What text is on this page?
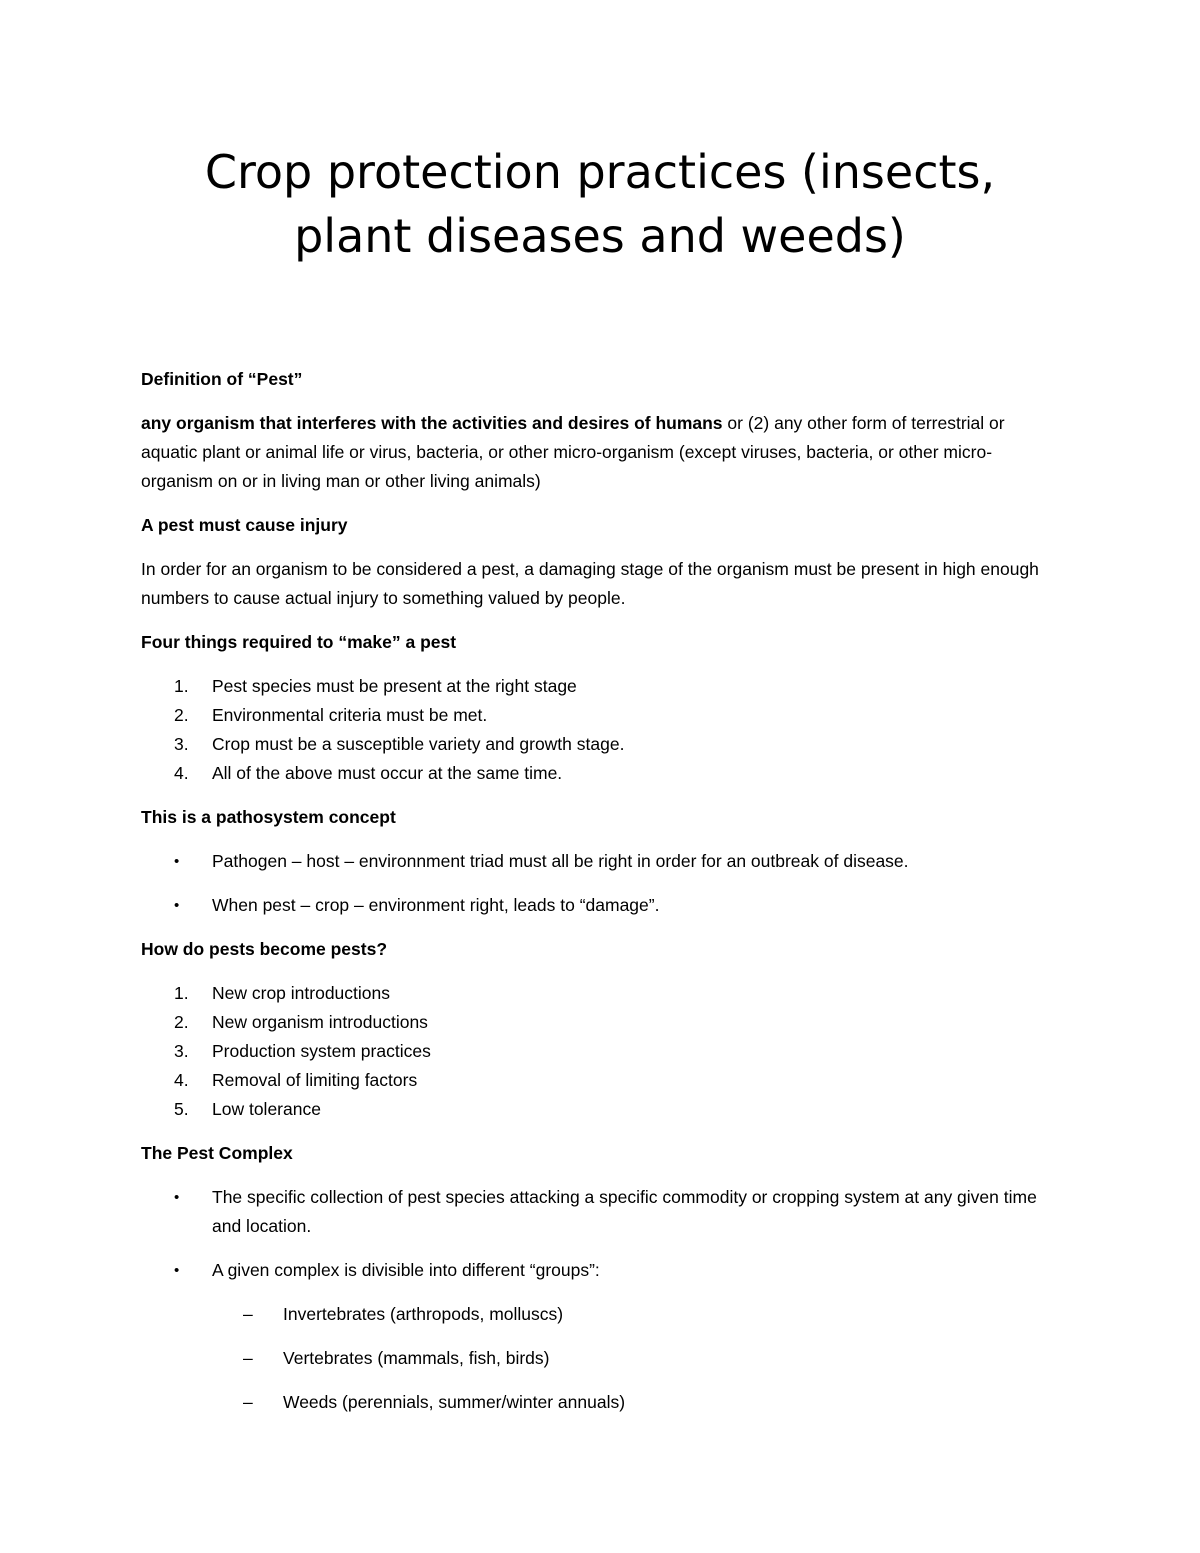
Crop protection practices (insects,
plant diseases and weeds)

Definition of “Pest”

any organism that interferes with the activities and desires of humans or (2) any other form of terrestrial or aquatic plant or animal life or virus, bacteria, or other micro-organism (except viruses, bacteria, or other micro- organism on or in living man or other living animals)

A pest must cause injury

In order for an organism to be considered a pest, a damaging stage of the organism must be present in high enough numbers to cause actual injury to something valued by people.

Four things required to “make” a pest

1. Pest species must be present at the right stage
2. Environmental criteria must be met.
3. Crop must be a susceptible variety and growth stage.
4. All of the above must occur at the same time.

This is a pathosystem concept

• Pathogen – host – environnment triad must all be right in order for an outbreak of disease.
• When pest – crop – environment right, leads to “damage”.

How do pests become pests?

1. New crop introductions
2. New organism introductions
3. Production system practices
4. Removal of limiting factors
5. Low tolerance

The Pest Complex

• The specific collection of pest species attacking a specific commodity or cropping system at any given time and location.
• A given complex is divisible into different “groups”:
– Invertebrates (arthropods, molluscs)
– Vertebrates (mammals, fish, birds)
– Weeds (perennials, summer/winter annuals)
